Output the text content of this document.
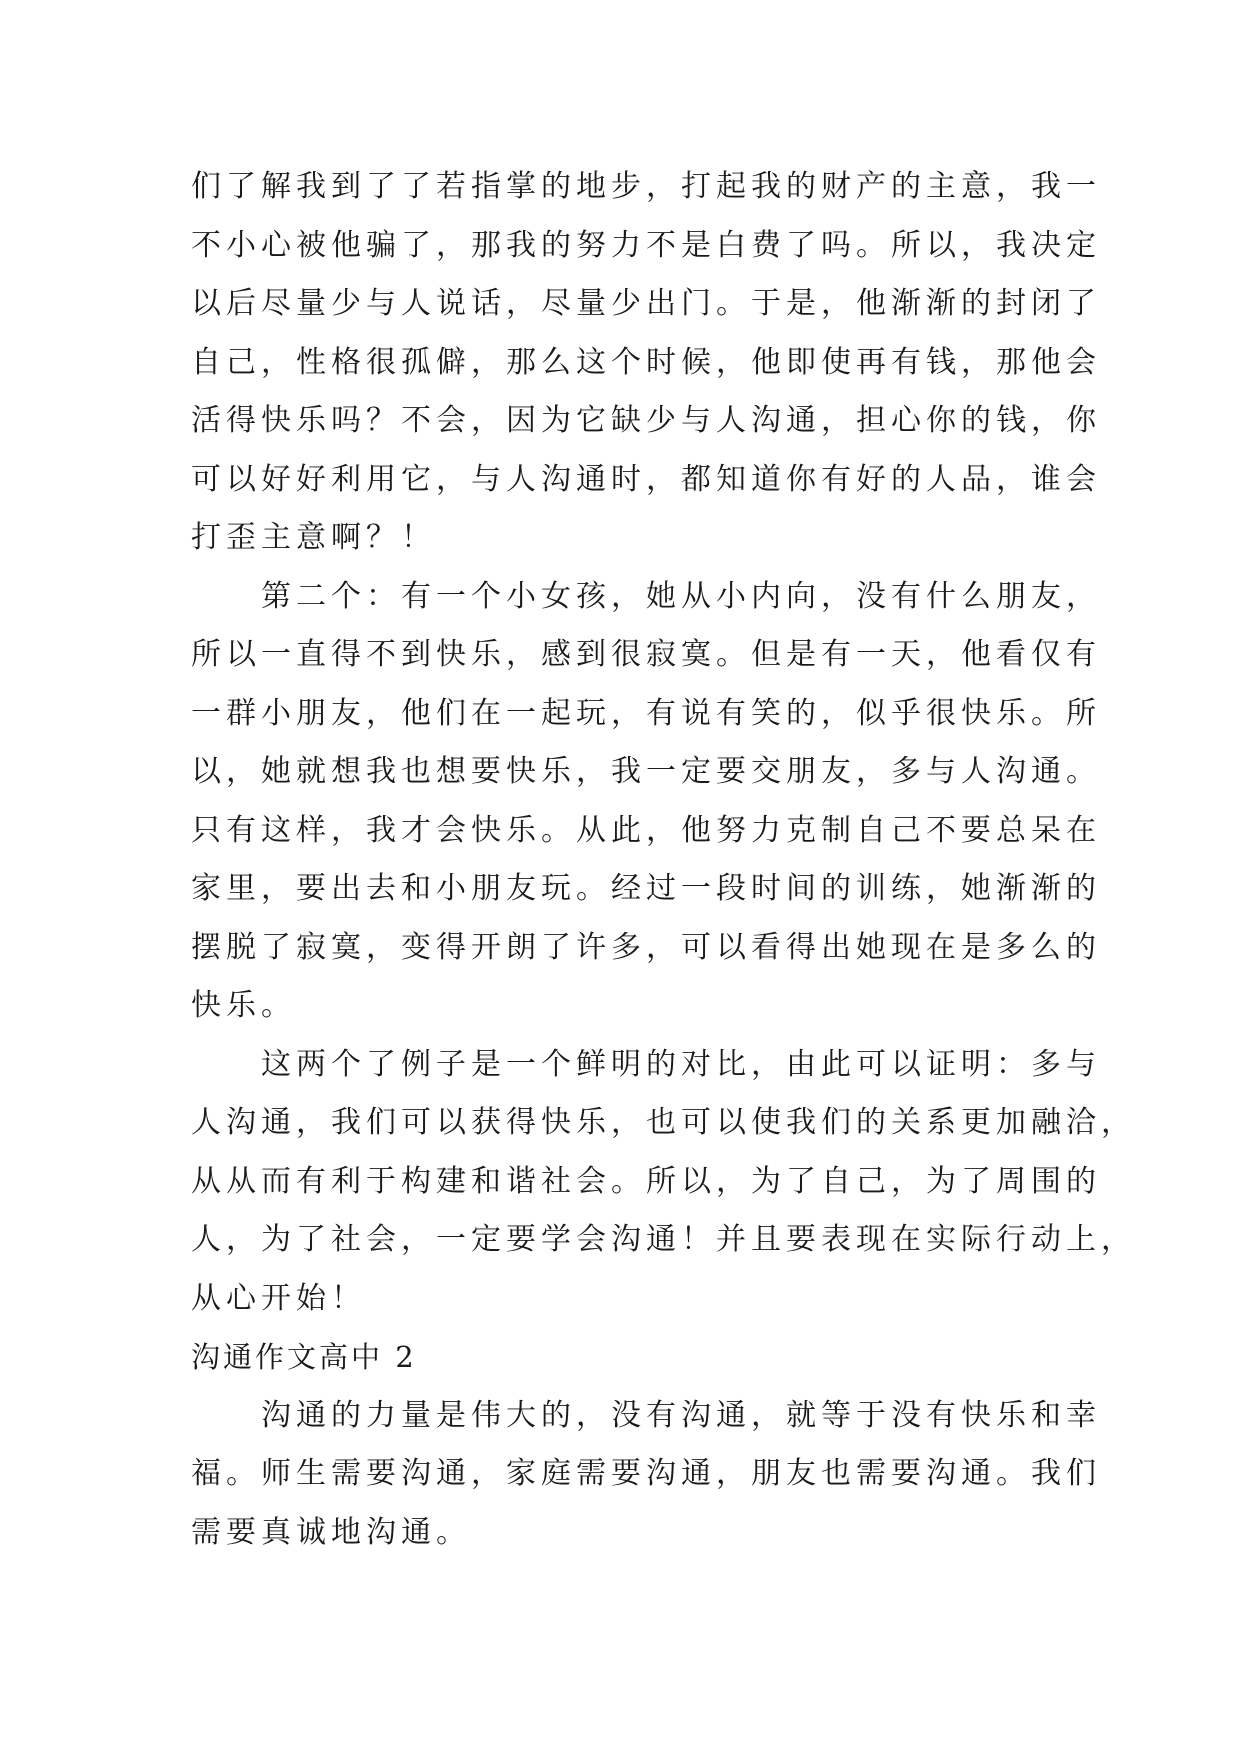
们了解我到了了若指掌的地步，打起我的财产的主意，我一
不小心被他骗了，那我的努力不是白费了吗。所以，我决定
以后尽量少与人说话，尽量少出门。于是，他渐渐的封闭了
自己，性格很孤僻，那么这个时候，他即使再有钱，那他会
活得快乐吗？不会，因为它缺少与人沟通，担心你的钱，你
可以好好利用它，与人沟通时，都知道你有好的人品，谁会
打歪主意啊？！
　　第二个：有一个小女孩，她从小内向，没有什么朋友，
所以一直得不到快乐，感到很寂寞。但是有一天，他看仅有
一群小朋友，他们在一起玩，有说有笑的，似乎很快乐。所
以，她就想我也想要快乐，我一定要交朋友，多与人沟通。
只有这样，我才会快乐。从此，他努力克制自己不要总呆在
家里，要出去和小朋友玩。经过一段时间的训练，她渐渐的
摆脱了寂寞，变得开朗了许多，可以看得出她现在是多么的
快乐。
　　这两个了例子是一个鲜明的对比，由此可以证明：多与
人沟通，我们可以获得快乐，也可以使我们的关系更加融洽，
从从而有利于构建和谐社会。所以，为了自己，为了周围的
人，为了社会，一定要学会沟通！并且要表现在实际行动上，
从心开始！
沟通作文高中 2
　　沟通的力量是伟大的，没有沟通，就等于没有快乐和幸
福。师生需要沟通，家庭需要沟通，朋友也需要沟通。我们
需要真诚地沟通。
